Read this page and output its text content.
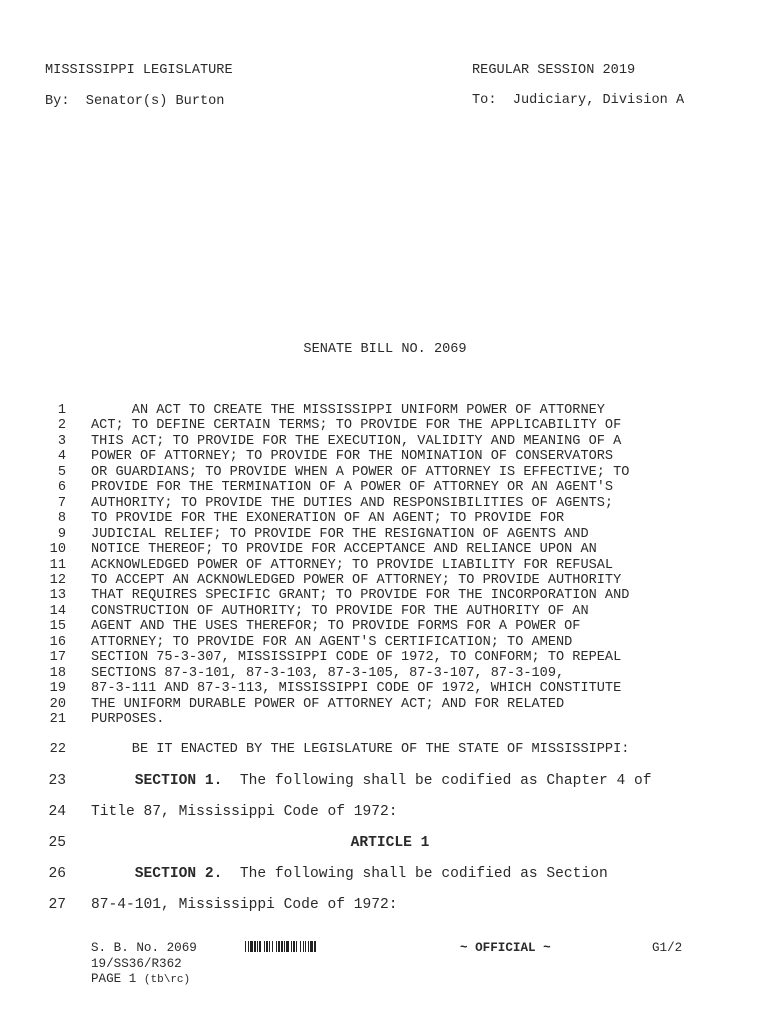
MISSISSIPPI LEGISLATURE	REGULAR SESSION 2019
By:  Senator(s) Burton	To:  Judiciary, Division A
SENATE BILL NO. 2069
1 AN ACT TO CREATE THE MISSISSIPPI UNIFORM POWER OF ATTORNEY
2 ACT; TO DEFINE CERTAIN TERMS; TO PROVIDE FOR THE APPLICABILITY OF
3 THIS ACT; TO PROVIDE FOR THE EXECUTION, VALIDITY AND MEANING OF A
4 POWER OF ATTORNEY; TO PROVIDE FOR THE NOMINATION OF CONSERVATORS
5 OR GUARDIANS; TO PROVIDE WHEN A POWER OF ATTORNEY IS EFFECTIVE; TO
6 PROVIDE FOR THE TERMINATION OF A POWER OF ATTORNEY OR AN AGENT'S
7 AUTHORITY; TO PROVIDE THE DUTIES AND RESPONSIBILITIES OF AGENTS;
8 TO PROVIDE FOR THE EXONERATION OF AN AGENT; TO PROVIDE FOR
9 JUDICIAL RELIEF; TO PROVIDE FOR THE RESIGNATION OF AGENTS AND
10 NOTICE THEREOF; TO PROVIDE FOR ACCEPTANCE AND RELIANCE UPON AN
11 ACKNOWLEDGED POWER OF ATTORNEY; TO PROVIDE LIABILITY FOR REFUSAL
12 TO ACCEPT AN ACKNOWLEDGED POWER OF ATTORNEY; TO PROVIDE AUTHORITY
13 THAT REQUIRES SPECIFIC GRANT; TO PROVIDE FOR THE INCORPORATION AND
14 CONSTRUCTION OF AUTHORITY; TO PROVIDE FOR THE AUTHORITY OF AN
15 AGENT AND THE USES THEREFOR; TO PROVIDE FORMS FOR A POWER OF
16 ATTORNEY; TO PROVIDE FOR AN AGENT'S CERTIFICATION; TO AMEND
17 SECTION 75-3-307, MISSISSIPPI CODE OF 1972, TO CONFORM; TO REPEAL
18 SECTIONS 87-3-101, 87-3-103, 87-3-105, 87-3-107, 87-3-109,
19 87-3-111 AND 87-3-113, MISSISSIPPI CODE OF 1972, WHICH CONSTITUTE
20 THE UNIFORM DURABLE POWER OF ATTORNEY ACT; AND FOR RELATED
21 PURPOSES.
22 BE IT ENACTED BY THE LEGISLATURE OF THE STATE OF MISSISSIPPI:
23	SECTION 1.  The following shall be codified as Chapter 4 of
24 Title 87, Mississippi Code of 1972:
25	ARTICLE 1
26	SECTION 2.  The following shall be codified as Section
27 87-4-101, Mississippi Code of 1972:
S. B. No. 2069	~ OFFICIAL ~	G1/2
19/SS36/R362
PAGE 1 (tb\rc)
